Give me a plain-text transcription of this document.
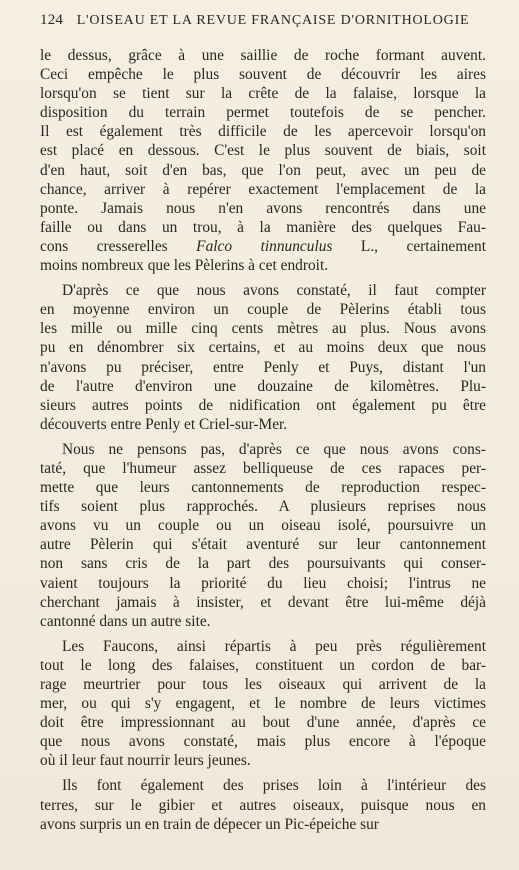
124 L'OISEAU ET LA REVUE FRANÇAISE D'ORNITHOLOGIE
le dessus, grâce à une saillie de roche formant auvent.
Ceci empêche le plus souvent de découvrir les aires
lorsqu'on se tient sur la crête de la falaise, lorsque la
disposition du terrain permet toutefois de se pencher.
Il est également très difficile de les apercevoir lorsqu'on
est placé en dessous. C'est le plus souvent de biais, soit
d'en haut, soit d'en bas, que l'on peut, avec un peu de
chance, arriver à repérer exactement l'emplacement de la
ponte. Jamais nous n'en avons rencontrés dans une
faille ou dans un trou, à la manière des quelques Fau-
cons cresserelles Falco tinnunculus L., certainement
moins nombreux que les Pèlerins à cet endroit.
D'après ce que nous avons constaté, il faut compter
en moyenne environ un couple de Pèlerins établi tous
les mille ou mille cinq cents mètres au plus. Nous avons
pu en dénombrer six certains, et au moins deux que nous
n'avons pu préciser, entre Penly et Puys, distant l'un
de l'autre d'environ une douzaine de kilomètres. Plu-
sieurs autres points de nidification ont également pu être
découverts entre Penly et Criel-sur-Mer.
Nous ne pensons pas, d'après ce que nous avons cons-
taté, que l'humeur assez belliqueuse de ces rapaces per-
mette que leurs cantonnements de reproduction respec-
tifs soient plus rapprochés. A plusieurs reprises nous
avons vu un couple ou un oiseau isolé, poursuivre un
autre Pèlerin qui s'était aventuré sur leur cantonnement
non sans cris de la part des poursuivants qui conser-
vaient toujours la priorité du lieu choisi; l'intrus ne
cherchant jamais à insister, et devant être lui-même déjà
cantonné dans un autre site.
Les Faucons, ainsi répartis à peu près régulièrement
tout le long des falaises, constituent un cordon de bar-
rage meurtrier pour tous les oiseaux qui arrivent de la
mer, ou qui s'y engagent, et le nombre de leurs victimes
doit être impressionnant au bout d'une année, d'après ce
que nous avons constaté, mais plus encore à l'époque
où il leur faut nourrir leurs jeunes.
Ils font également des prises loin à l'intérieur des
terres, sur le gibier et autres oiseaux, puisque nous en
avons surpris un en train de dépecer un Pic-épeiche sur
